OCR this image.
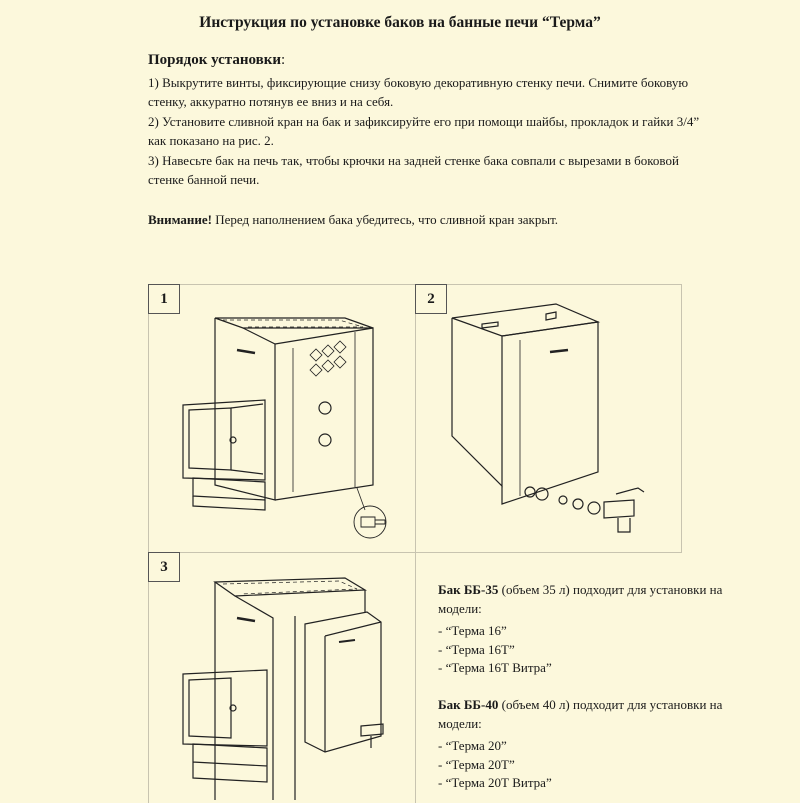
Инструкция по установке баков на банные печи “Терма”
Порядок установки:
1) Выкрутите винты, фиксирующие снизу боковую декоративную стенку печи. Снимите боковую стенку, аккуратно потянув ее вниз и на себя.
2) Установите сливной кран на бак и зафиксируйте его при помощи шайбы, прокладок и гайки 3/4” как показано на рис. 2.
3) Навесьте бак на печь так, чтобы крючки на задней стенке бака совпали с вырезами в боковой стенке банной печи.
Внимание! Перед наполнением бака убедитесь, что сливной кран закрыт.
1	2
3
Бак ББ-35 (объем 35 л) подходит для установки на модели:
- “Терма 16”
- “Терма 16Т”
- “Терма 16Т Витра”
Бак ББ-40 (объем 40 л) подходит для установки на модели:
- “Терма 20”
- “Терма 20Т”
- “Терма 20Т Витра”
